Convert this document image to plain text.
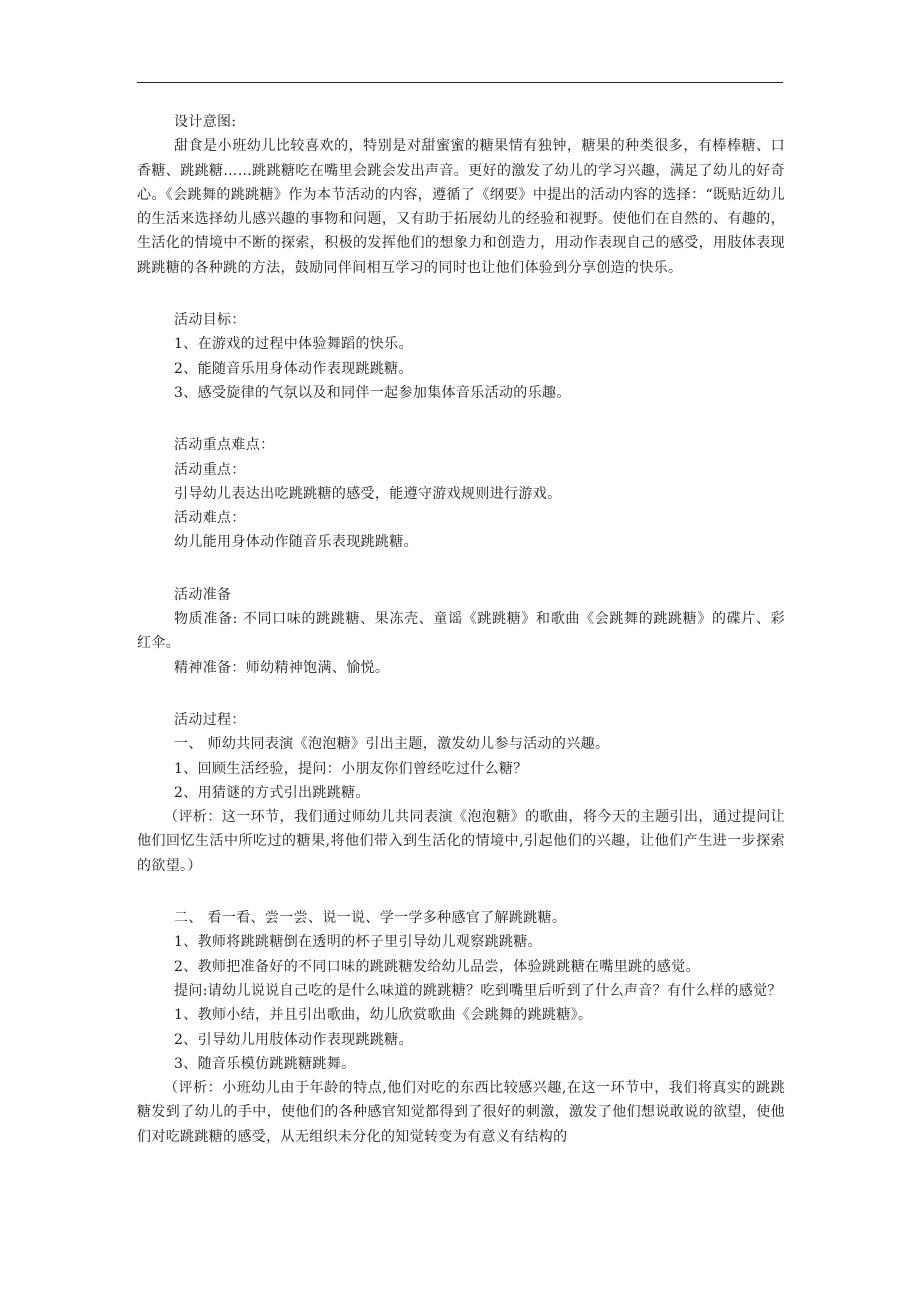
设计意图:

甜食是小班幼儿比较喜欢的，特别是对甜蜜蜜的糖果情有独钟，糖果的种类很多，有棒棒糖、口香糖、跳跳糖……跳跳糖吃在嘴里会跳会发出声音。更好的激发了幼儿的学习兴趣，满足了幼儿的好奇心。《会跳舞的跳跳糖》作为本节活动的内容，遵循了《纲要》中提出的活动内容的选择：“既贴近幼儿的生活来选择幼儿感兴趣的事物和问题，又有助于拓展幼儿的经验和视野。使他们在自然的、有趣的，生活化的情境中不断的探索，积极的发挥他们的想象力和创造力，用动作表现自己的感受，用肢体表现跳跳糖的各种跳的方法，鼓励同伴间相互学习的同时也让他们体验到分享创造的快乐。

活动目标：

1、在游戏的过程中体验舞蹈的快乐。

2、能随音乐用身体动作表现跳跳糖。

3、感受旋律的气氛以及和同伴一起参加集体音乐活动的乐趣。

活动重点难点：

活动重点：

引导幼儿表达出吃跳跳糖的感受，能遵守游戏规则进行游戏。

活动难点：

幼儿能用身体动作随音乐表现跳跳糖。

活动准备

物质准备: 不同口味的跳跳糖、果冻壳、童谣《跳跳糖》和歌曲《会跳舞的跳跳糖》的碟片、彩红伞。

精神准备：师幼精神饱满、愉悦。

活动过程：

一、 师幼共同表演《泡泡糖》引出主题，激发幼儿参与活动的兴趣。

1、回顾生活经验，提问：小朋友你们曾经吃过什么糖？

2、用猜谜的方式引出跳跳糖。

（评析：这一环节，我们通过师幼儿共同表演《泡泡糖》的歌曲，将今天的主题引出，通过提问让他们回忆生活中所吃过的糖果,将他们带入到生活化的情境中,引起他们的兴趣，让他们产生进一步探索的欲望。）

二、 看一看、尝一尝、说一说、学一学多种感官了解跳跳糖。

1、教师将跳跳糖倒在透明的杯子里引导幼儿观察跳跳糖。

2、教师把准备好的不同口味的跳跳糖发给幼儿品尝，体验跳跳糖在嘴里跳的感觉。

提问:请幼儿说说自己吃的是什么味道的跳跳糖？吃到嘴里后听到了什么声音？有什么样的感觉？

1、教师小结，并且引出歌曲，幼儿欣赏歌曲《会跳舞的跳跳糖》。

2、引导幼儿用肢体动作表现跳跳糖。

3、随音乐模仿跳跳糖跳舞。

（评析：小班幼儿由于年龄的特点,他们对吃的东西比较感兴趣,在这一环节中，我们将真实的跳跳糖发到了幼儿的手中，使他们的各种感官知觉都得到了很好的刺激，激发了他们想说敢说的欲望，使他们对吃跳跳糖的感受，从无组织未分化的知觉转变为有意义有结构的
